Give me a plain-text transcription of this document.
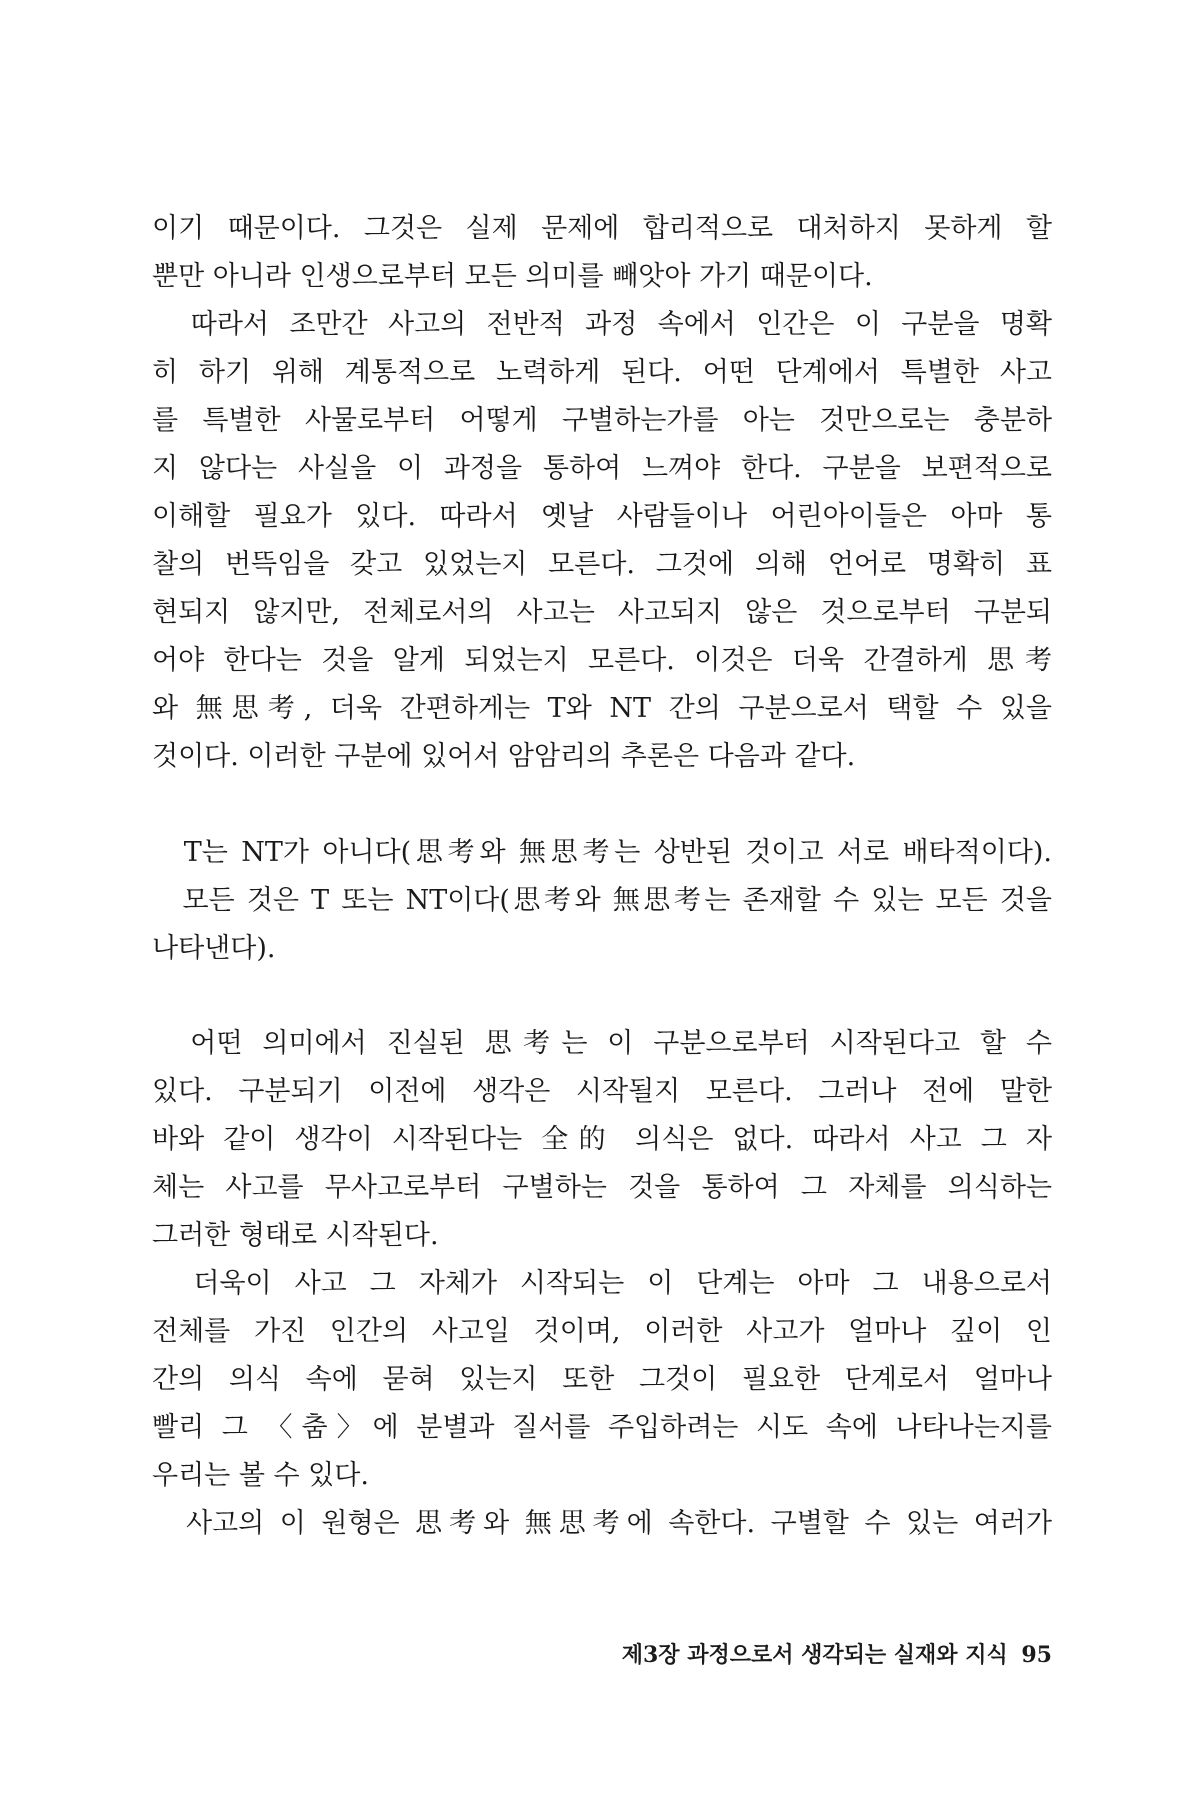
이기 때문이다. 그것은 실제 문제에 합리적으로 대처하지 못하게 할
뿐만 아니라 인생으로부터 모든 의미를 빼앗아 가기 때문이다.
　따라서 조만간 사고의 전반적 과정 속에서 인간은 이 구분을 명확
히 하기 위해 계통적으로 노력하게 된다. 어떤 단계에서 특별한 사고
를 특별한 사물로부터 어떻게 구별하는가를 아는 것만으로는 충분하
지 않다는 사실을 이 과정을 통하여 느껴야 한다. 구분을 보편적으로
이해할 필요가 있다. 따라서 옛날 사람들이나 어린아이들은 아마 통
찰의 번뜩임을 갖고 있었는지 모른다. 그것에 의해 언어로 명확히 표
현되지 않지만, 전체로서의 사고는 사고되지 않은 것으로부터 구분되
어야 한다는 것을 알게 되었는지 모른다. 이것은 더욱 간결하게 思考
와 無思考, 더욱 간편하게는 T와 NT 간의 구분으로서 택할 수 있을
것이다. 이러한 구분에 있어서 암암리의 추론은 다음과 같다.
　T는 NT가 아니다(思考와 無思考는 상반된 것이고 서로 배타적이다).
　모든 것은 T 또는 NT이다(思考와 無思考는 존재할 수 있는 모든 것을
나타낸다).
　어떤 의미에서 진실된 思考는 이 구분으로부터 시작된다고 할 수
있다. 구분되기 이전에 생각은 시작될지 모른다. 그러나 전에 말한
바와 같이 생각이 시작된다는 全的 의식은 없다. 따라서 사고 그 자
체는 사고를 무사고로부터 구별하는 것을 통하여 그 자체를 의식하는
그러한 형태로 시작된다.
　더욱이 사고 그 자체가 시작되는 이 단계는 아마 그 내용으로서
전체를 가진 인간의 사고일 것이며, 이러한 사고가 얼마나 깊이 인
간의 의식 속에 묻혀 있는지 또한 그것이 필요한 단계로서 얼마나
빨리 그 〈춤〉에 분별과 질서를 주입하려는 시도 속에 나타나는지를
우리는 볼 수 있다.
　사고의 이 원형은 思考와 無思考에 속한다. 구별할 수 있는 여러가
제3장 과정으로서 생각되는 실재와 지식 95
